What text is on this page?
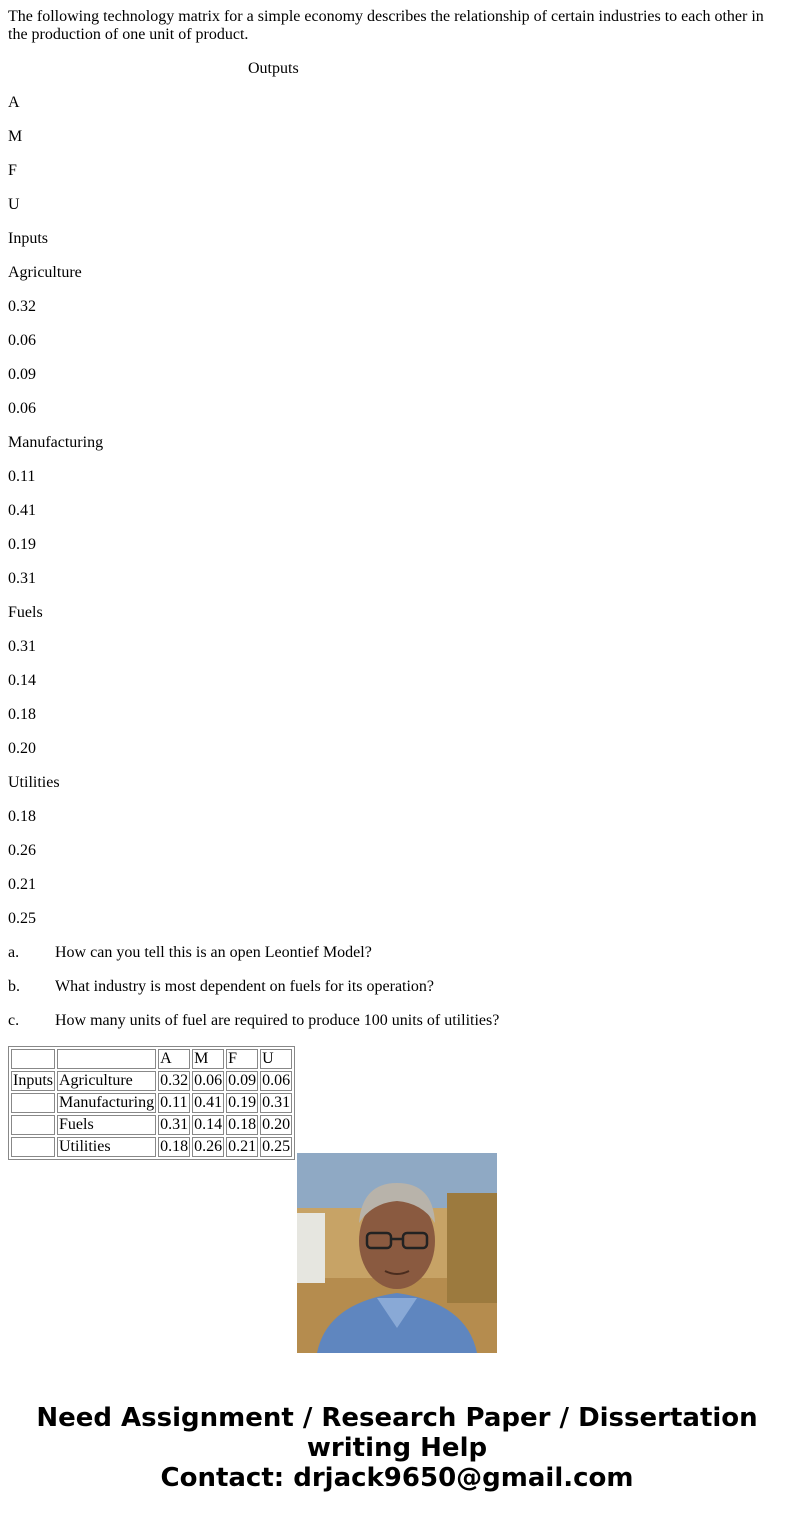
The following technology matrix for a simple economy describes the relationship of certain industries to each other in the production of one unit of product.

Outputs

A

M

F

U

Inputs

Agriculture

0.32

0.06

0.09

0.06

Manufacturing

0.11

0.41

0.19

0.31

Fuels

0.31

0.14

0.18

0.20

Utilities

0.18

0.26

0.21

0.25

a. How can you tell this is an open Leontief Model?

b. What industry is most dependent on fuels for its operation?

c. How many units of fuel are required to produce 100 units of utilities?

		A	M	F	U
Inputs	Agriculture	0.32	0.06	0.09	0.06
	Manufacturing	0.11	0.41	0.19	0.31
	Fuels	0.31	0.14	0.18	0.20
	Utilities	0.18	0.26	0.21	0.25
Need Assignment / Research Paper / Dissertation
writing Help
Contact: drjack9650@gmail.com
